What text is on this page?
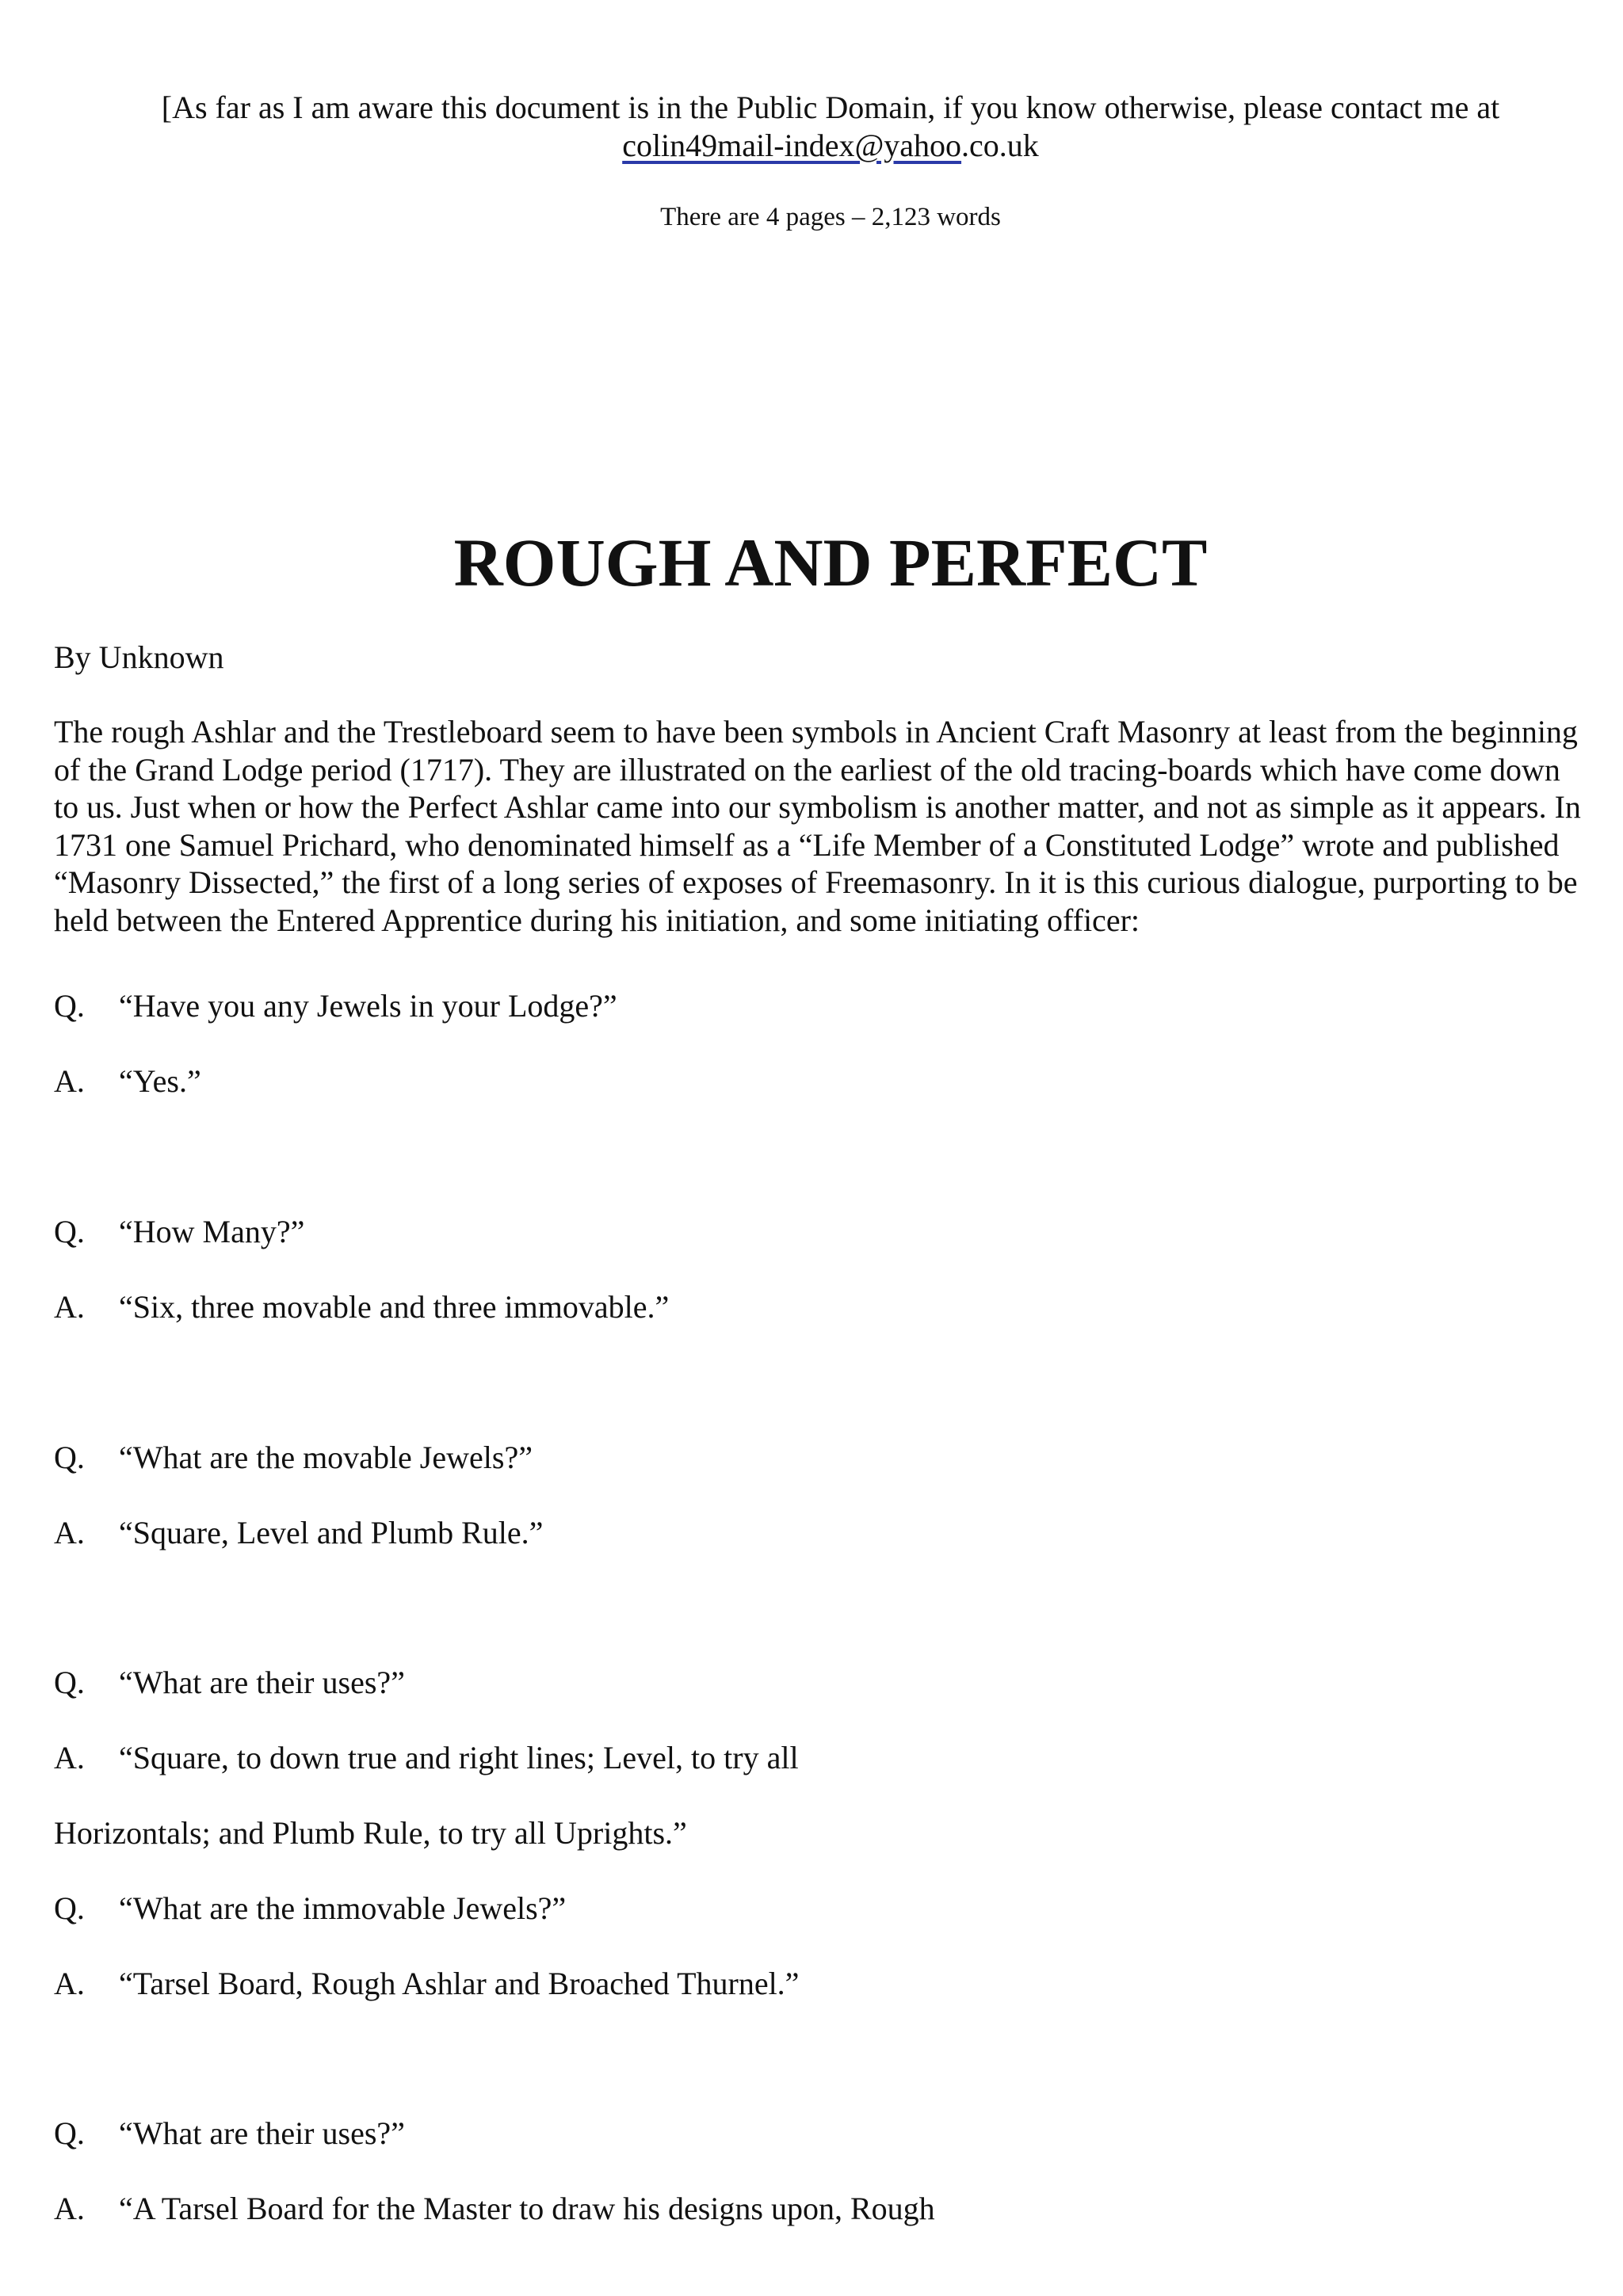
[As far as I am aware this document is in the Public Domain, if you know otherwise, please contact me at
colin49mail-index@yahoo.co.uk
There are 4 pages – 2,123 words
ROUGH AND PERFECT
By Unknown

The rough Ashlar and the Trestleboard seem to have been symbols in Ancient Craft Masonry at least from the beginning of the Grand Lodge period (1717). They are illustrated on the earliest of the old tracing-boards which have come down to us. Just when or how the Perfect Ashlar came into our symbolism is another matter, and not as simple as it appears. In 1731 one Samuel Prichard, who denominated himself as a “Life Member of a Constituted Lodge” wrote and published “Masonry Dissected,” the first of a long series of exposes of Freemasonry. In it is this curious dialogue, purporting to be held between the Entered Apprentice during his initiation, and some initiating officer:

Q. “Have you any Jewels in your Lodge?”
A. “Yes.”
Q. “How Many?”
A. “Six, three movable and three immovable.”
Q. “What are the movable Jewels?”
A. “Square, Level and Plumb Rule.”
Q. “What are their uses?”
A. “Square, to down true and right lines; Level, to try all
Horizontals; and Plumb Rule, to try all Uprights.”
Q. “What are the immovable Jewels?”
A. “Tarsel Board, Rough Ashlar and Broached Thurnel.”
Q. “What are their uses?”
A. “A Tarsel Board for the Master to draw his designs upon, Rough
